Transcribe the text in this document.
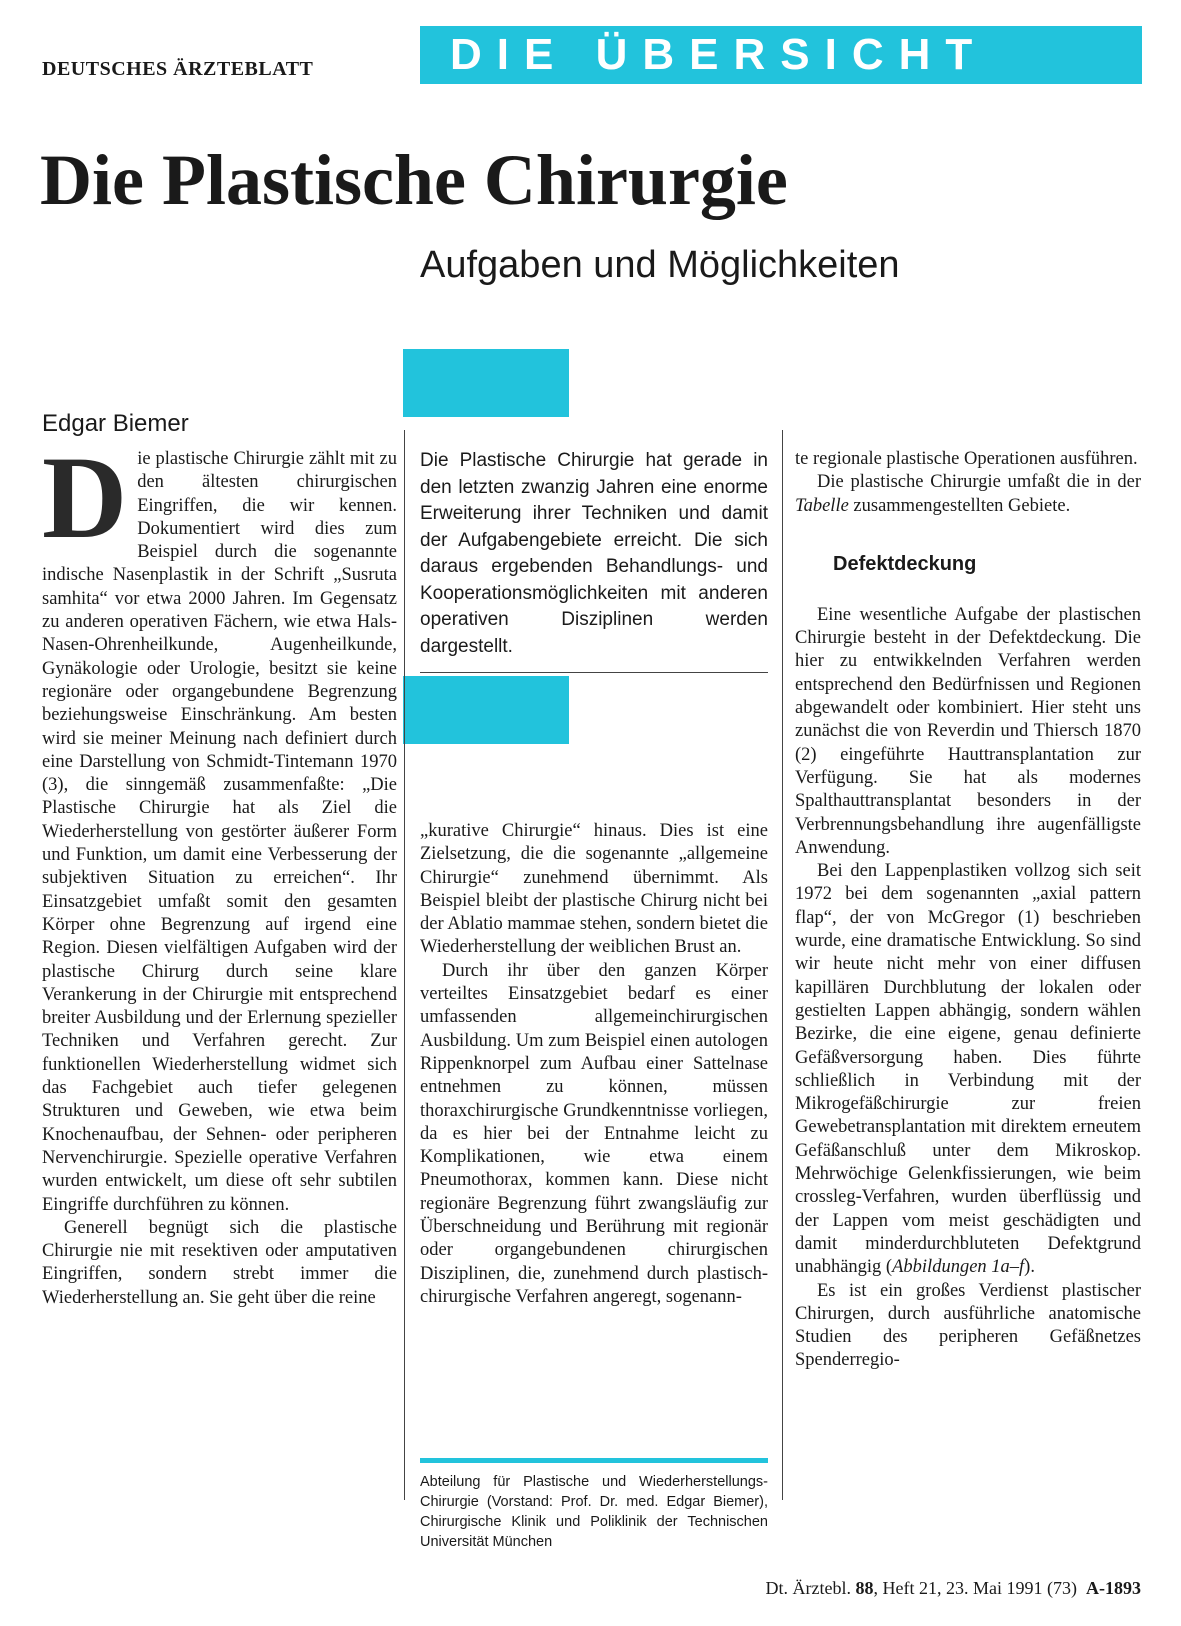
DEUTSCHES ÄRZTEBLATT	DIE ÜBERSICHT
Die Plastische Chirurgie
Aufgaben und Möglichkeiten
Edgar Biemer
Die Plastische Chirurgie hat gerade in den letzten zwanzig Jahren eine enorme Erweiterung ihrer Techniken und damit der Aufgabengebiete erreicht. Die sich daraus ergebenden Behandlungs- und Kooperationsmöglichkeiten mit anderen operativen Disziplinen werden dargestellt.

Die plastische Chirurgie zählt mit zu den ältesten chirurgischen Eingriffen, die wir kennen. Dokumentiert wird dies zum Beispiel durch die sogenannte indische Nasenplastik in der Schrift „Susruta samhita“ vor etwa 2000 Jahren. Im Gegensatz zu anderen operativen Fächern, wie etwa Hals-Nasen-Ohrenheilkunde, Augenheilkunde, Gynäkologie oder Urologie, besitzt sie keine regionäre oder organgebundene Begrenzung beziehungsweise Einschränkung. Am besten wird sie meiner Meinung nach definiert durch eine Darstellung von Schmidt-Tintemann 1970 (3), die sinngemäß zusammenfaßte: „Die Plastische Chirurgie hat als Ziel die Wiederherstellung von gestörter äußerer Form und Funktion, um damit eine Verbesserung der subjektiven Situation zu erreichen“. Ihr Einsatzgebiet umfaßt somit den gesamten Körper ohne Begrenzung auf irgend eine Region. Diesen vielfältigen Aufgaben wird der plastische Chirurg durch seine klare Verankerung in der Chirurgie mit entsprechend breiter Ausbildung und der Erlernung spezieller Techniken und Verfahren gerecht. Zur funktionellen Wiederherstellung widmet sich das Fachgebiet auch tiefer gelegenen Strukturen und Geweben, wie etwa beim Knochenaufbau, der Sehnen- oder peripheren Nervenchirurgie. Spezielle operative Verfahren wurden entwickelt, um diese oft sehr subtilen Eingriffe durchführen zu können.

Generell begnügt sich die plastische Chirurgie nie mit resektiven oder amputativen Eingriffen, sondern strebt immer die Wiederherstellung an. Sie geht über die reine

„kurative Chirurgie“ hinaus. Dies ist eine Zielsetzung, die die sogenannte „allgemeine Chirurgie“ zunehmend übernimmt. Als Beispiel bleibt der plastische Chirurg nicht bei der Ablatio mammae stehen, sondern bietet die Wiederherstellung der weiblichen Brust an.

Durch ihr über den ganzen Körper verteiltes Einsatzgebiet bedarf es einer umfassenden allgemeinchirurgischen Ausbildung. Um zum Beispiel einen autologen Rippenknorpel zum Aufbau einer Sattelnase entnehmen zu können, müssen thoraxchirurgische Grundkenntnisse vorliegen, da es hier bei der Entnahme leicht zu Komplikationen, wie etwa einem Pneumothorax, kommen kann. Diese nicht regionäre Begrenzung führt zwangsläufig zur Überschneidung und Berührung mit regionär oder organgebundenen chirurgischen Disziplinen, die, zunehmend durch plastisch-chirurgische Verfahren angeregt, sogenann-

Abteilung für Plastische und Wiederherstellungs-Chirurgie (Vorstand: Prof. Dr. med. Edgar Biemer), Chirurgische Klinik und Poliklinik der Technischen Universität München

te regionale plastische Operationen ausführen.

Die plastische Chirurgie umfaßt die in der Tabelle zusammengestellten Gebiete.

Defektdeckung

Eine wesentliche Aufgabe der plastischen Chirurgie besteht in der Defektdeckung. Die hier zu entwikkelnden Verfahren werden entsprechend den Bedürfnissen und Regionen abgewandelt oder kombiniert. Hier steht uns zunächst die von Reverdin und Thiersch 1870 (2) eingeführte Hauttransplantation zur Verfügung. Sie hat als modernes Spalthauttransplantat besonders in der Verbrennungsbehandlung ihre augenfälligste Anwendung.

Bei den Lappenplastiken vollzog sich seit 1972 bei dem sogenannten „axial pattern flap“, der von McGregor (1) beschrieben wurde, eine dramatische Entwicklung. So sind wir heute nicht mehr von einer diffusen kapillären Durchblutung der lokalen oder gestielten Lappen abhängig, sondern wählen Bezirke, die eine eigene, genau definierte Gefäßversorgung haben. Dies führte schließlich in Verbindung mit der Mikrogefäßchirurgie zur freien Gewebetransplantation mit direktem erneutem Gefäßanschluß unter dem Mikroskop. Mehrwöchige Gelenkfissierungen, wie beim crossleg-Verfahren, wurden überflüssig und der Lappen vom meist geschädigten und damit minderdurchbluteten Defektgrund unabhängig (Abbildungen 1a–f).

Es ist ein großes Verdienst plastischer Chirurgen, durch ausführliche anatomische Studien des peripheren Gefäßnetzes Spenderregio-

Dt. Ärztebl. 88, Heft 21, 23. Mai 1991 (73) A-1893
